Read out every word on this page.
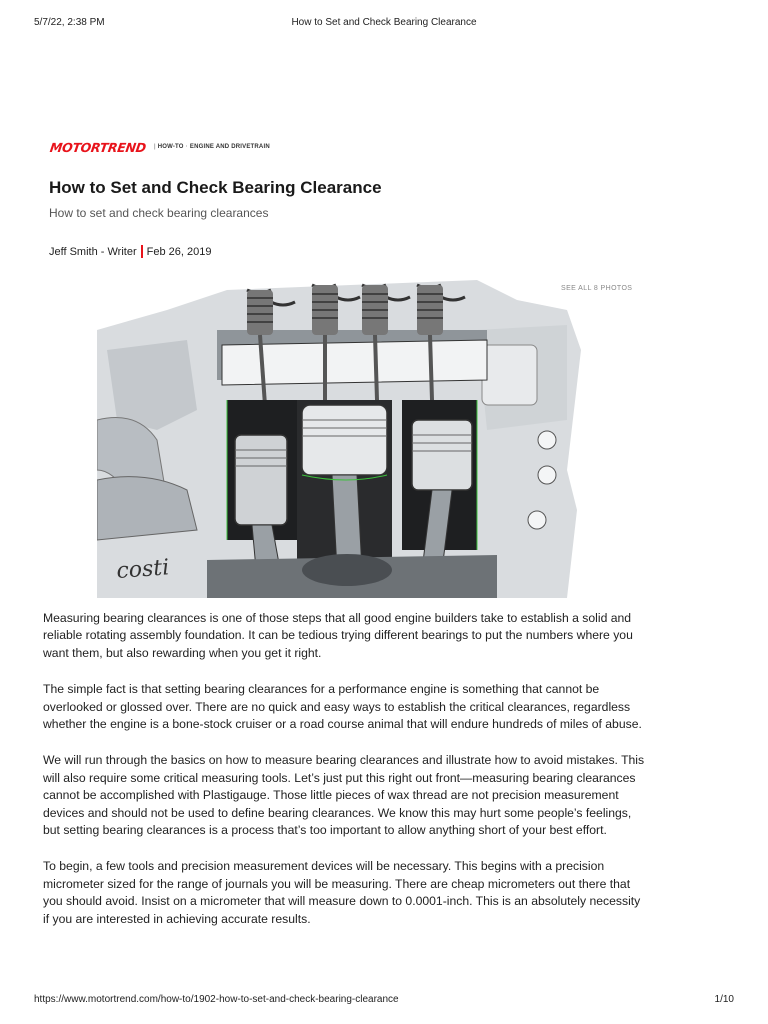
5/7/22, 2:38 PM	How to Set and Check Bearing Clearance
MOTORTREND	| HOW-TO · ENGINE AND DRIVETRAIN
How to Set and Check Bearing Clearance

How to set and check bearing clearances

Jeff Smith - Writer Feb 26, 2019
costi
SEE ALL 8 PHOTOS

Measuring bearing clearances is one of those steps that all good engine builders take to establish a solid and reliable rotating assembly foundation. It can be tedious trying different bearings to put the numbers where you want them, but also rewarding when you get it right.

The simple fact is that setting bearing clearances for a performance engine is something that cannot be overlooked or glossed over. There are no quick and easy ways to establish the critical clearances, regardless whether the engine is a bone-stock cruiser or a road course animal that will endure hundreds of miles of abuse.

We will run through the basics on how to measure bearing clearances and illustrate how to avoid mistakes. This will also require some critical measuring tools. Let’s just put this right out front—measuring bearing clearances cannot be accomplished with Plastigauge. Those little pieces of wax thread are not precision measurement devices and should not be used to define bearing clearances. We know this may hurt some people’s feelings, but setting bearing clearances is a process that’s too important to allow anything short of your best effort.

To begin, a few tools and precision measurement devices will be necessary. This begins with a precision micrometer sized for the range of journals you will be measuring. There are cheap micrometers out there that you should avoid. Insist on a micrometer that will measure down to 0.0001-inch. This is an absolutely necessity if you are interested in achieving accurate results.

https://www.motortrend.com/how-to/1902-how-to-set-and-check-bearing-clearance	1/10
